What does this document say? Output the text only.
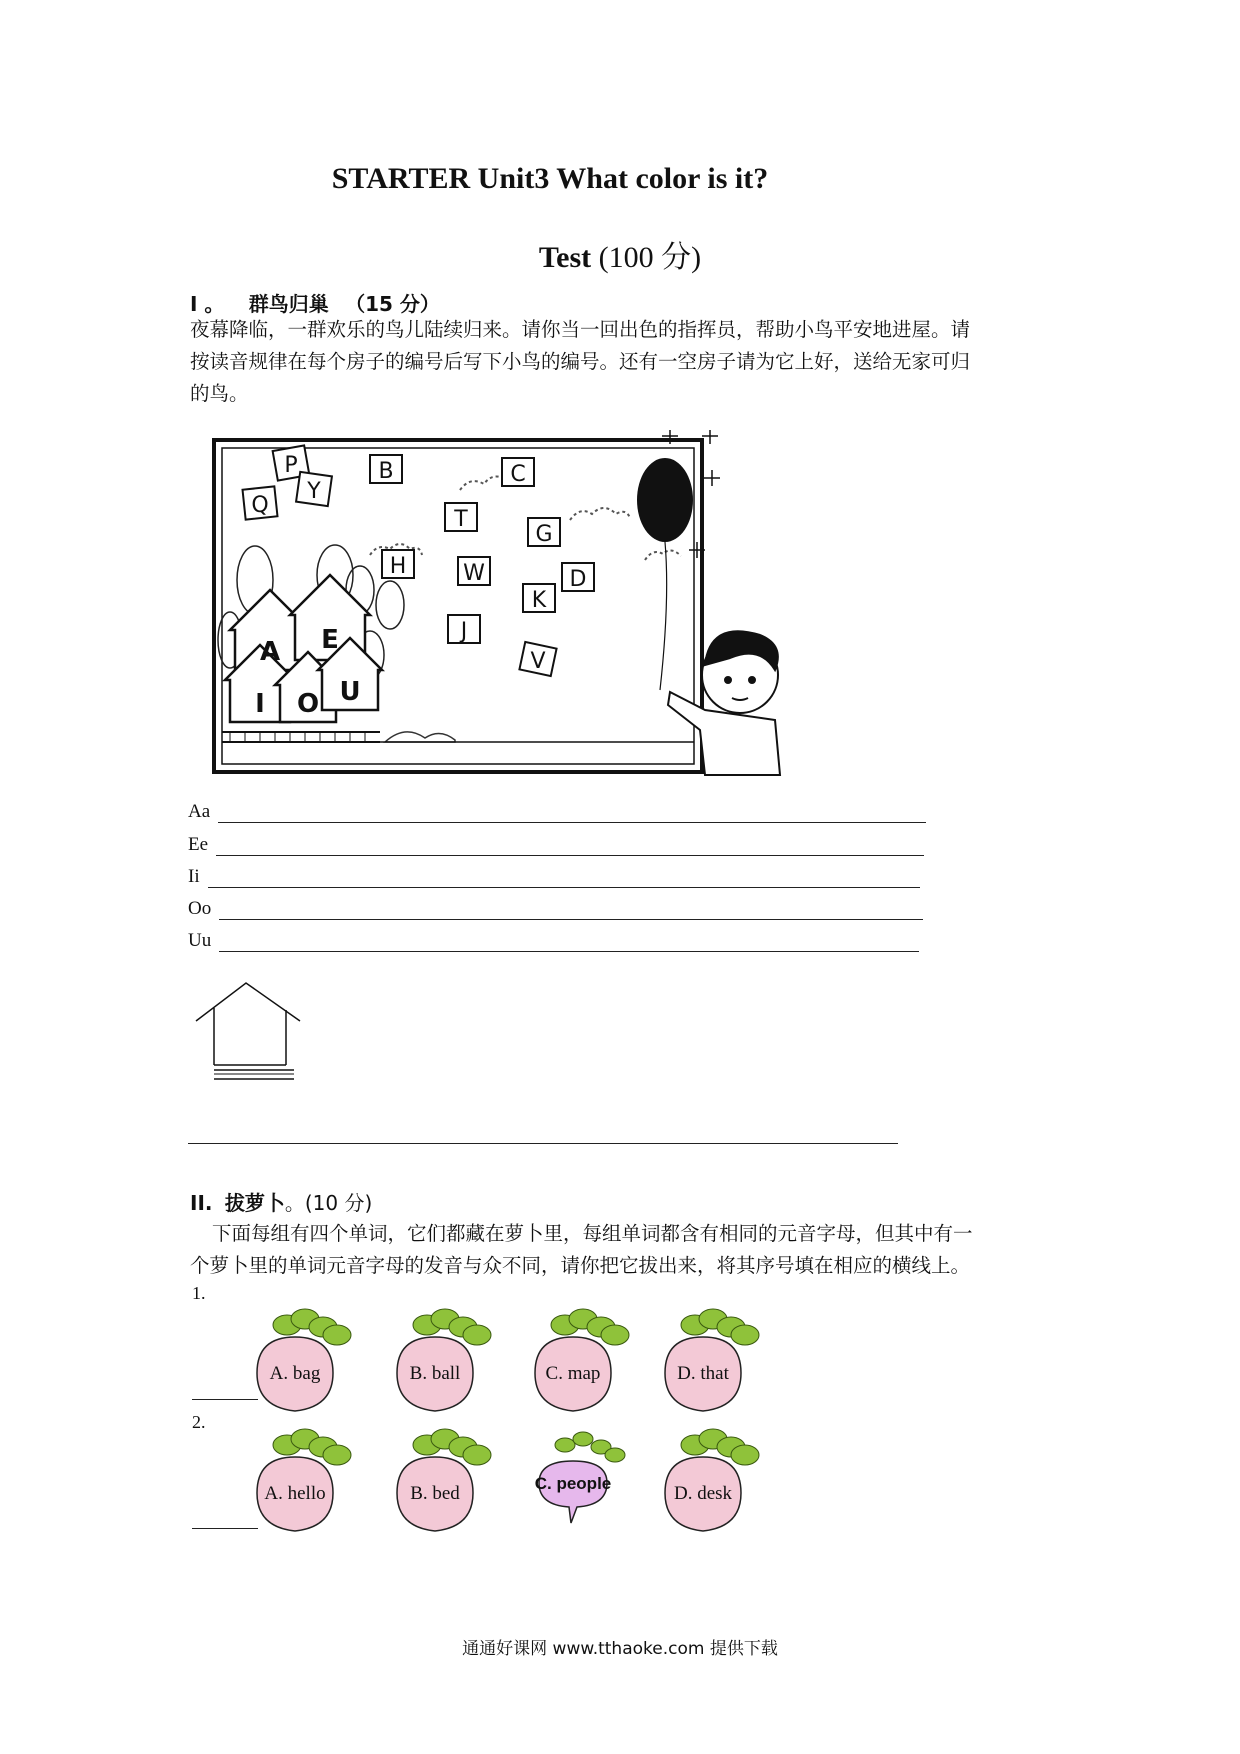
STARTER Unit3 What color is it?
Test (100 分)
I 。 群鸟归巢 （15 分）
夜幕降临，一群欢乐的鸟儿陆续归来。请你当一回出色的指挥员，帮助小鸟平安地进屋。请
按读音规律在每个房子的编号后写下小鸟的编号。还有一空房子请为它上好，送给无家可归
的鸟。
P
Q
Y
B	C
T
G
H	W	D
K
J
V
A E
I O U
Aa
Ee
Ii
Oo
Uu
II. 拔萝卜。(10 分)
下面每组有四个单词，它们都藏在萝卜里，每组单词都含有相同的元音字母，但其中有一
个萝卜里的单词元音字母的发音与众不同，请你把它拔出来，将其序号填在相应的横线上。
1.
2.
A. bag	B. ball	C. map	D. that
A. hello	B. bed	C. people	D. desk
通通好课网 www.tthaoke.com 提供下载
